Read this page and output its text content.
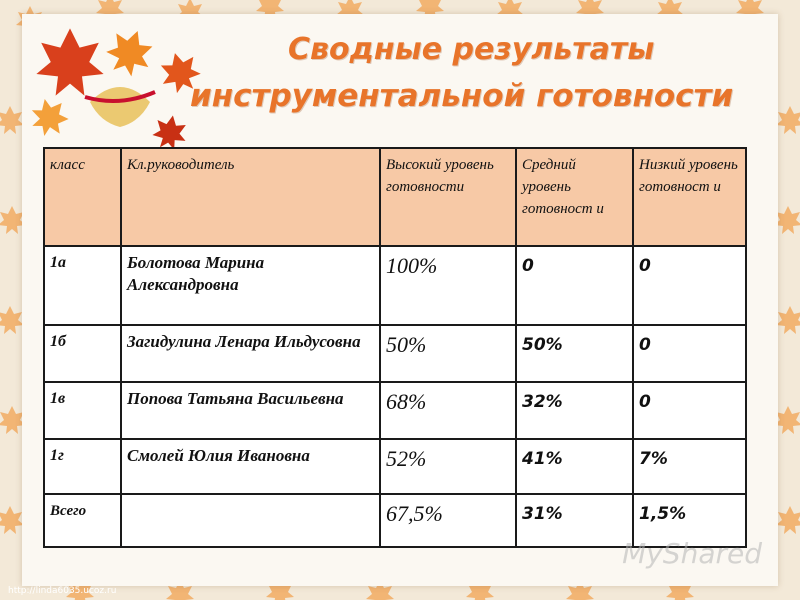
Сводные результаты
инструментальной готовности
класс	Кл.руководитель	Высокий уровень готовности	Средний уровень готовност и	Низкий уровень готовност и
1а	Болотова Марина Александровна	100%	0	0
1б	Загидулина Ленара Ильдусовна	50%	50%	0
1в	Попова Татьяна Васильевна	68%	32%	0
1г	Смолей Юлия Ивановна	52%	41%	7%
Всего		67,5%	31%	1,5%
MyShared
http://linda6035.ucoz.ru
